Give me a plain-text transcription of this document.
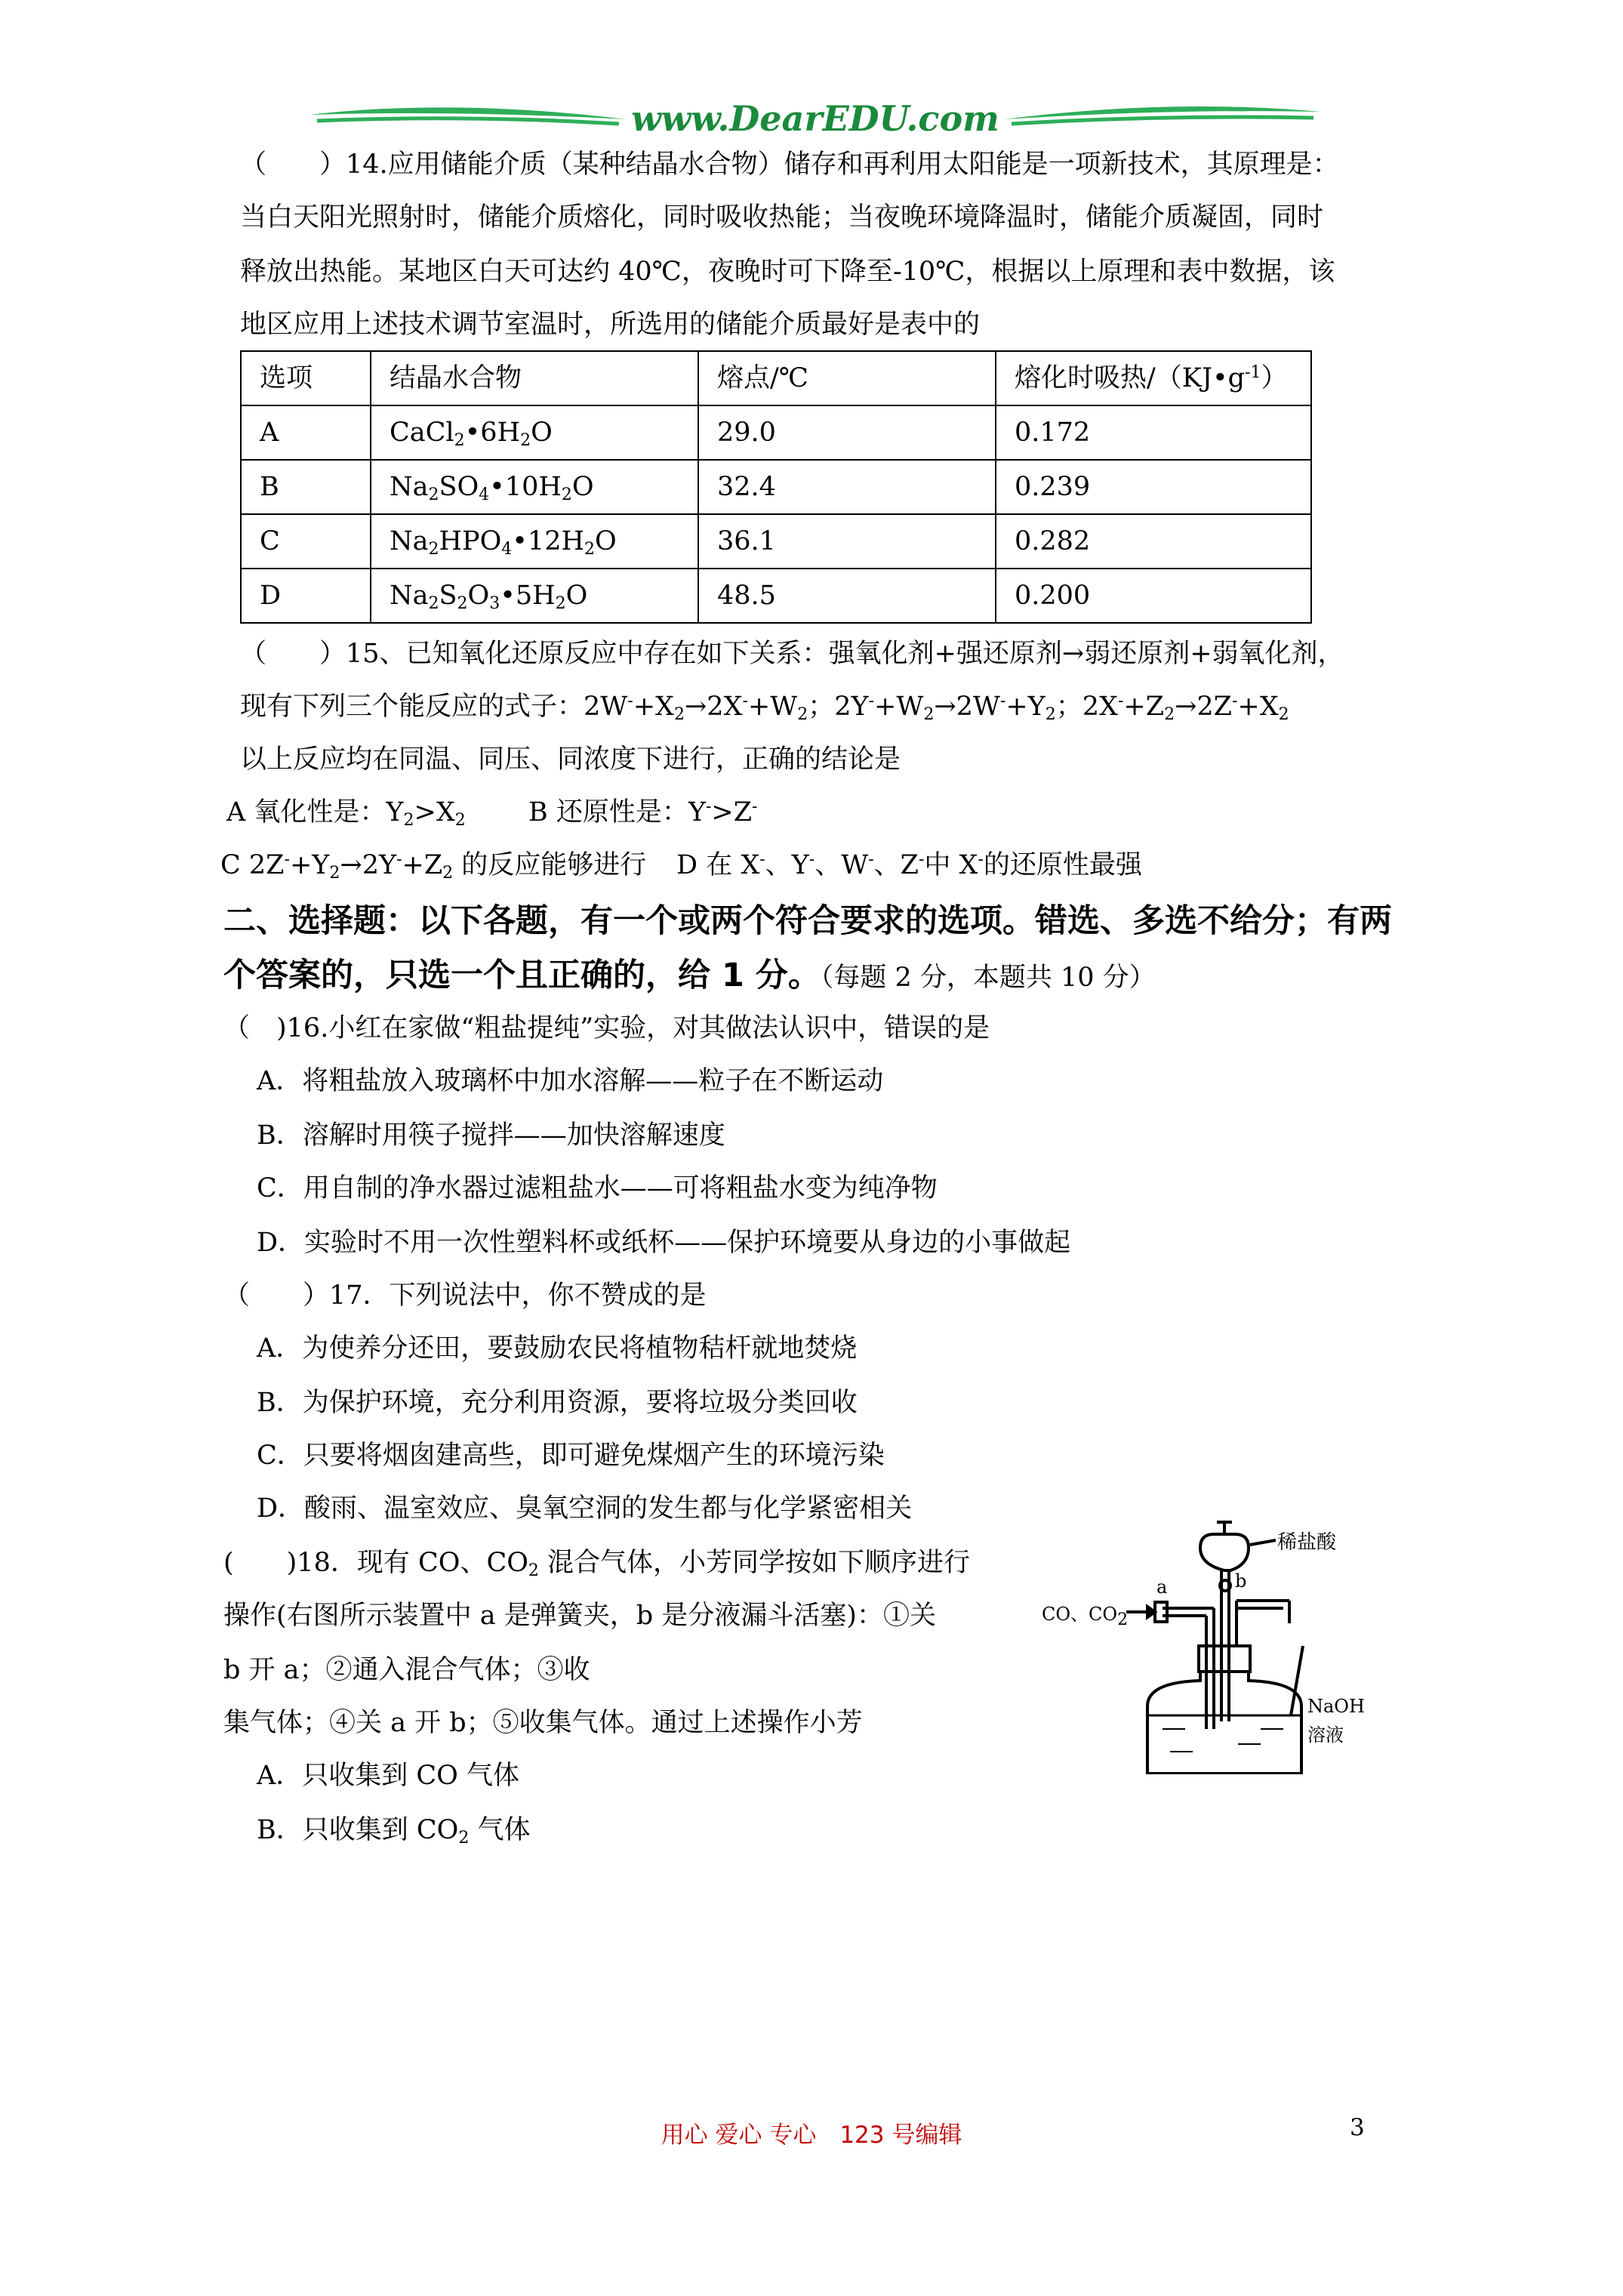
www.DearEDU.com
（　　）14.应用储能介质（某种结晶水合物）储存和再利用太阳能是一项新技术，其原理是：
当白天阳光照射时，储能介质熔化，同时吸收热能；当夜晚环境降温时，储能介质凝固，同时
释放出热能。某地区白天可达约 40℃，夜晚时可下降至-10℃，根据以上原理和表中数据，该
地区应用上述技术调节室温时，所选用的储能介质最好是表中的
选项	结晶水合物	熔点/℃	熔化时吸热$/(KJ•g^{-1})$
A	$CaCl_2•6H_2O$	29.0	0.172
B	$Na_2SO_4•10H_2O$	32.4	0.239
C	$Na_2HPO_4•12H_2O$	36.1	0.282
D	$Na_2S_2O_3•5H_2O$	48.5	0.200
（　　）15、已知氧化还原反应中存在如下关系：强氧化剂+强还原剂→弱还原剂+弱氧化剂，
现有下列三个能反应的式子：$2W^-+X_2\to 2X^-+W_2$；$2Y^-+W_2\to 2W^-+Y_2$；$2X^-+Z_2\to 2Z^-+X_2$
以上反应均在同温、同压、同浓度下进行，正确的结论是
A 氧化性是：$Y_2>X_2$ B 还原性是：Y->Z-
C $2Z^-+Y_2\to 2Y^-+Z_2$ 的反应能够进行 D 在 X-、Y-、W-、Z-中 X-的还原性最强
二、选择题：以下各题，有一个或两个符合要求的选项。错选、多选不给分；有两
个答案的，只选一个且正确的，给 1 分。（每题 2 分，本题共 10 分）
（　)16.小红在家做“粗盐提纯”实验，对其做法认识中，错误的是
A．将粗盐放入玻璃杯中加水溶解——粒子在不断运动
B．溶解时用筷子搅拌——加快溶解速度
C．用自制的净水器过滤粗盐水——可将粗盐水变为纯净物
D．实验时不用一次性塑料杯或纸杯——保护环境要从身边的小事做起
（　　）17．下列说法中，你不赞成的是
A．为使养分还田，要鼓励农民将植物秸杆就地焚烧
B．为保护环境，充分利用资源，要将垃圾分类回收
C．只要将烟囱建高些，即可避免煤烟产生的环境污染
D．酸雨、温室效应、臭氧空洞的发生都与化学紧密相关
(　　)18．现有 CO、$CO_2$ 混合气体，小芳同学按如下顺序进行
操作(右图所示装置中 a 是弹簧夹，b 是分液漏斗活塞)：①关
b 开 a；②通入混合气体；③收
集气体；④关 a 开 b；⑤收集气体。通过上述操作小芳
A．只收集到 CO 气体
B．只收集到 $CO_2$ 气体
稀盐酸
a	b
CO、$CO_2$
NaOH
溶液
用心 爱心 专心　123 号编辑	3
